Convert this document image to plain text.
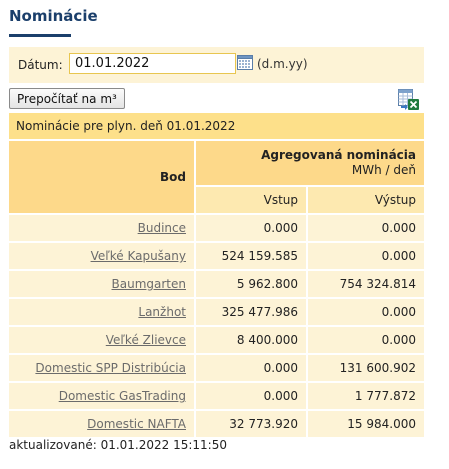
Nominácie
Dátum:
01.01.2022	(d.m.yy)
Prepočítať na m³
Nominácie pre plyn. deň 01.01.2022		
Bod	Agregovaná nominácia
MWh / deň	

	Vstup	Výstup
Budince	0.000	0.000
Veľké Kapušany	524 159.585	0.000
Baumgarten	5 962.800	754 324.814
Lanžhot	325 477.986	0.000
Veľké Zlievce	8 400.000	0.000
Domestic SPP Distribúcia	0.000	131 600.902
Domestic GasTrading	0.000	1 777.872
Domestic NAFTA	32 773.920	15 984.000
aktualizované: 01.01.2022 15:11:50
